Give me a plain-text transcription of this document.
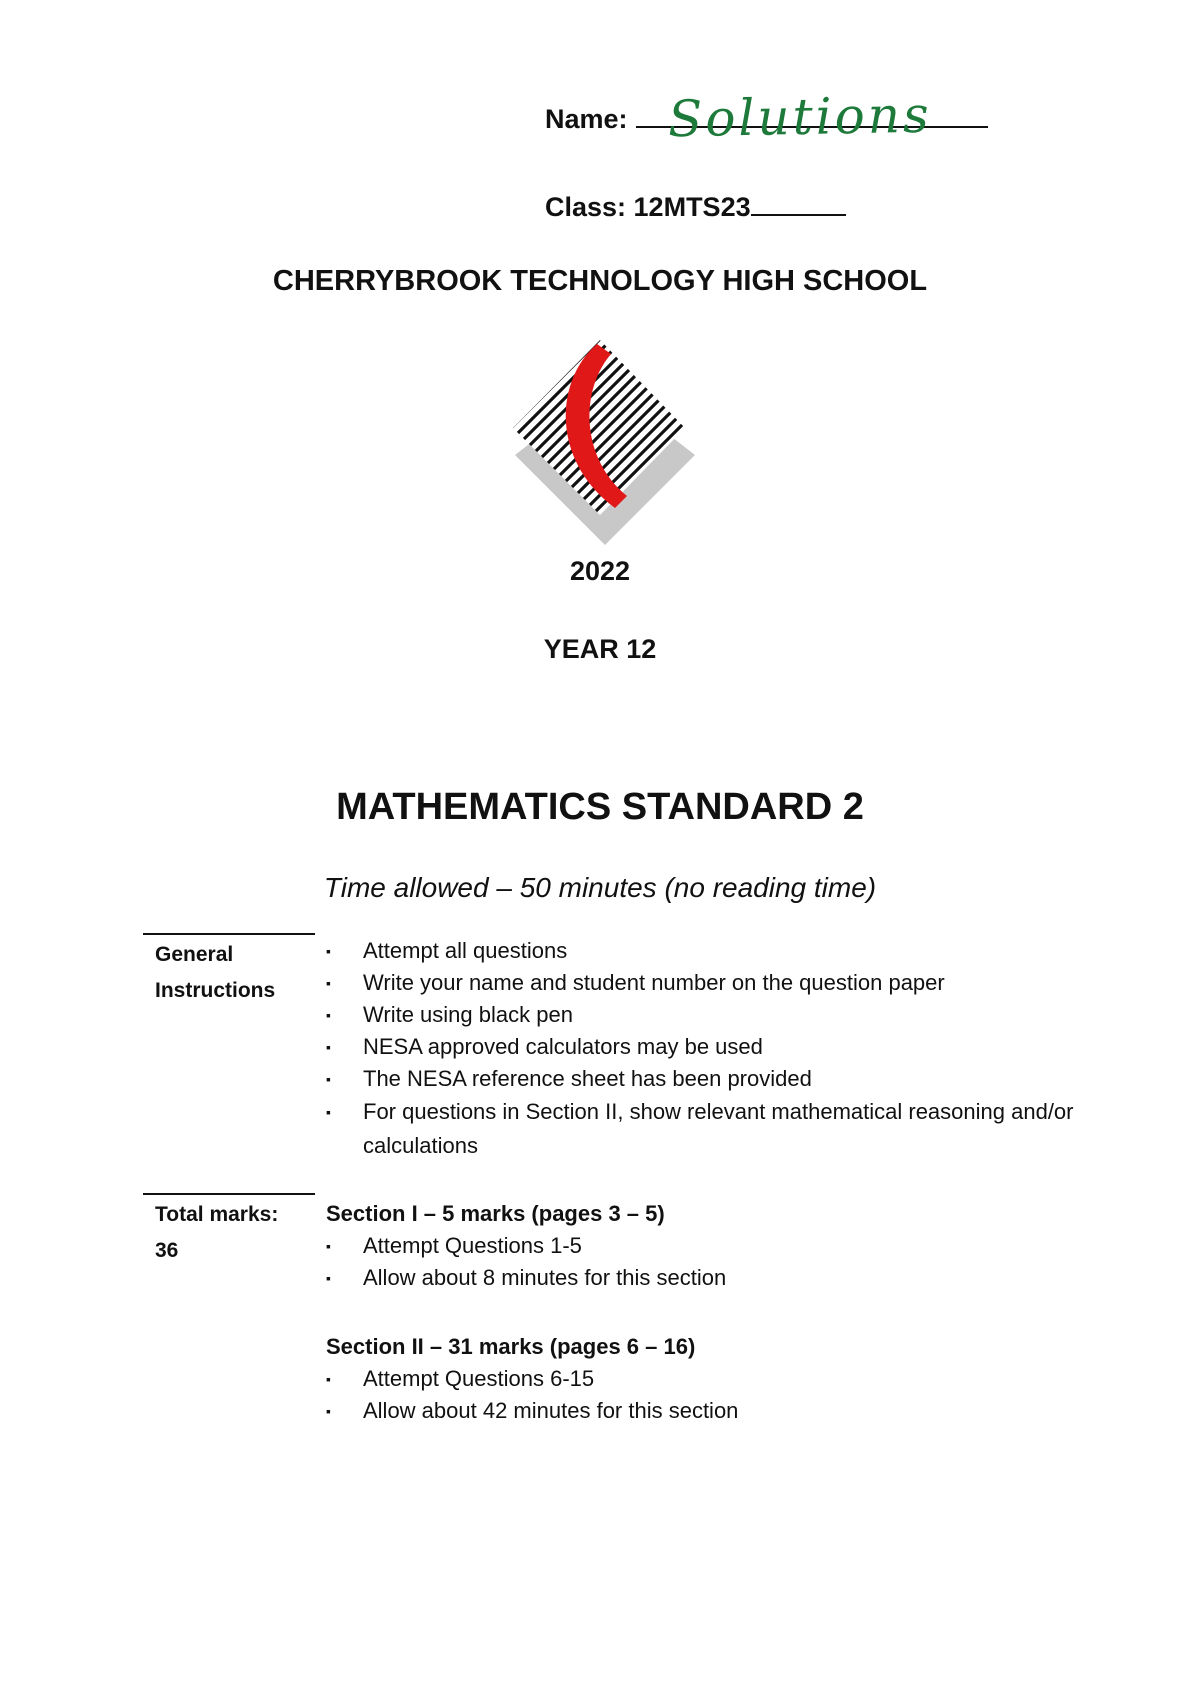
Name: Solutions
Class: 12MTS23
CHERRYBROOK TECHNOLOGY HIGH SCHOOL
2022
YEAR 12
MATHEMATICS STANDARD 2
Time allowed – 50 minutes (no reading time)
General
Instructions
▪ Attempt all questions
▪ Write your name and student number on the question paper
▪ Write using black pen
▪ NESA approved calculators may be used
▪ The NESA reference sheet has been provided
▪ For questions in Section II, show relevant mathematical reasoning and/or calculations
Total marks:
36
Section I – 5 marks (pages 3 – 5)
▪ Attempt Questions 1-5
▪ Allow about 8 minutes for this section
Section II – 31 marks (pages 6 – 16)
▪ Attempt Questions 6-15
▪ Allow about 42 minutes for this section
